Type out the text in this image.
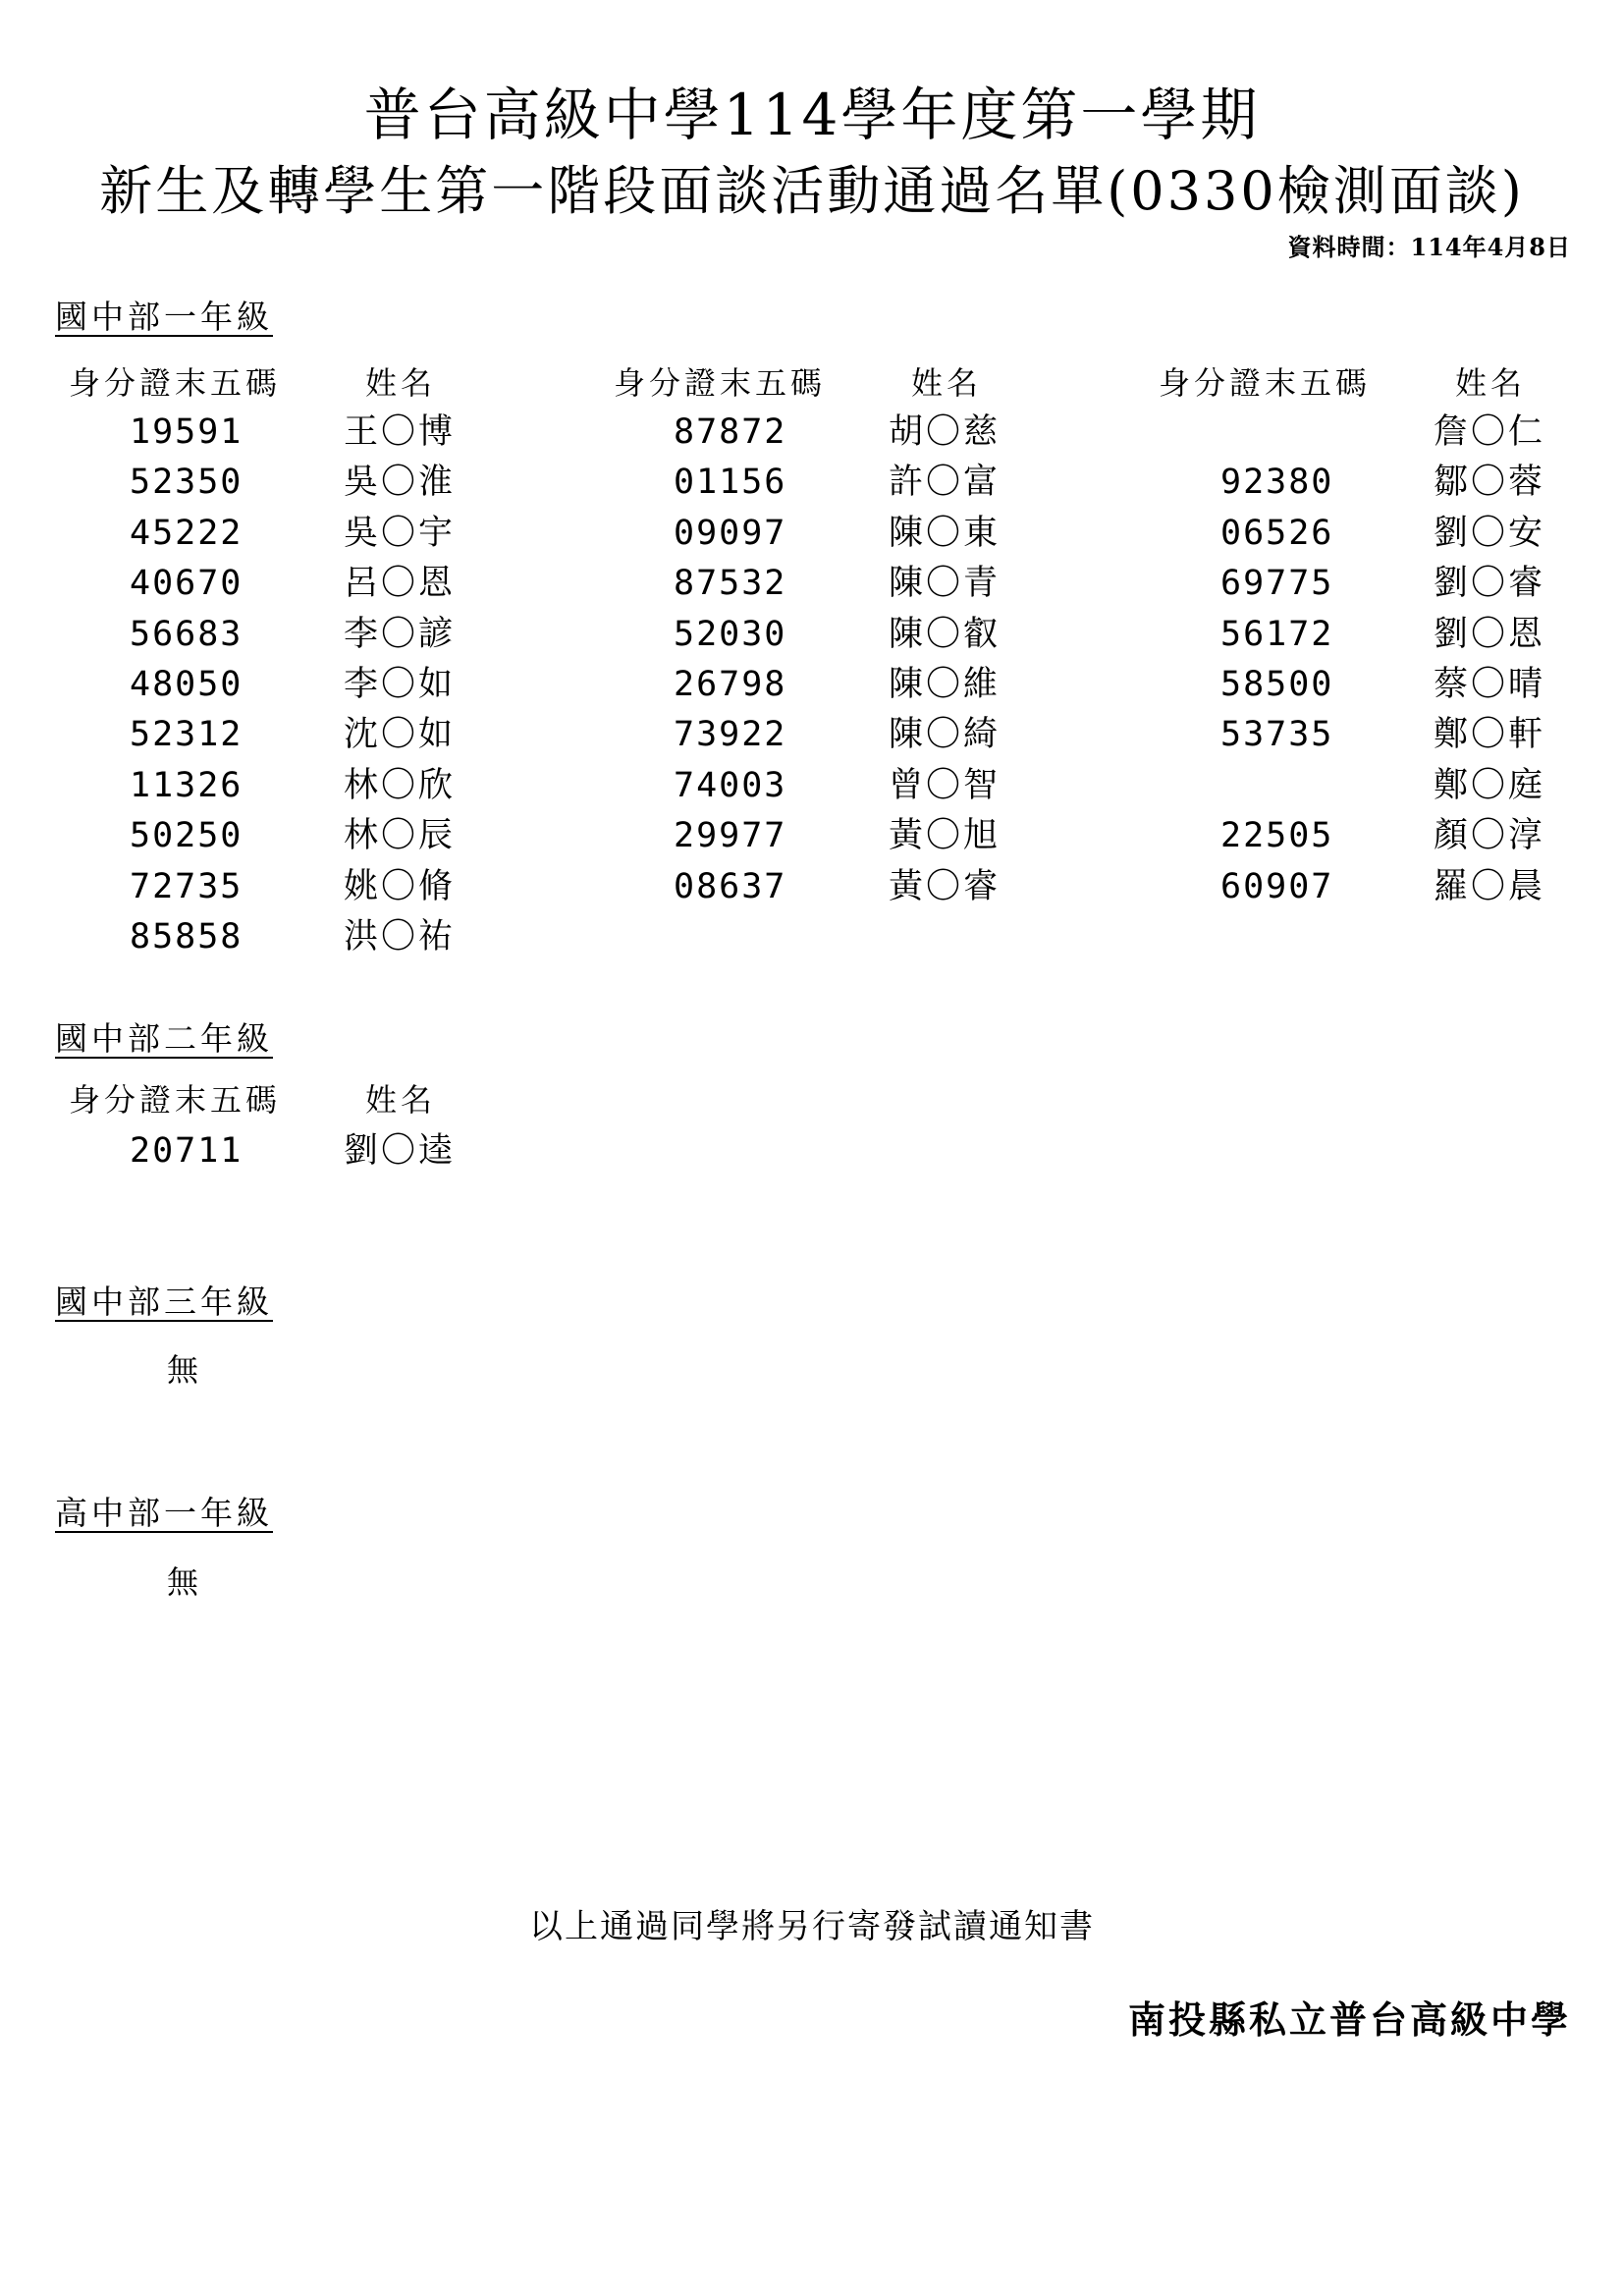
普台高級中學114學年度第一學期
新生及轉學生第一階段面談活動通過名單(0330檢測面談)
資料時間：114年4月8日
國中部一年級
身分證末五碼	姓名
19591	王〇博
52350	吳〇淮
45222	吳〇宇
40670	呂〇恩
56683	李〇諺
48050	李〇如
52312	沈〇如
11326	林〇欣
50250	林〇辰
72735	姚〇脩
85858	洪〇祐
身分證末五碼	姓名
87872	胡〇慈
01156	許〇富
09097	陳〇東
87532	陳〇青
52030	陳〇叡
26798	陳〇維
73922	陳〇綺
74003	曾〇智
29977	黃〇旭
08637	黃〇睿
身分證末五碼	姓名
詹〇仁
92380	鄒〇蓉
06526	劉〇安
69775	劉〇睿
56172	劉〇恩
58500	蔡〇晴
53735	鄭〇軒
鄭〇庭
22505	顏〇淳
60907	羅〇晨
國中部二年級
身分證末五碼	姓名
20711	劉〇逵
國中部三年級
無
高中部一年級
無
以上通過同學將另行寄發試讀通知書
南投縣私立普台高級中學
